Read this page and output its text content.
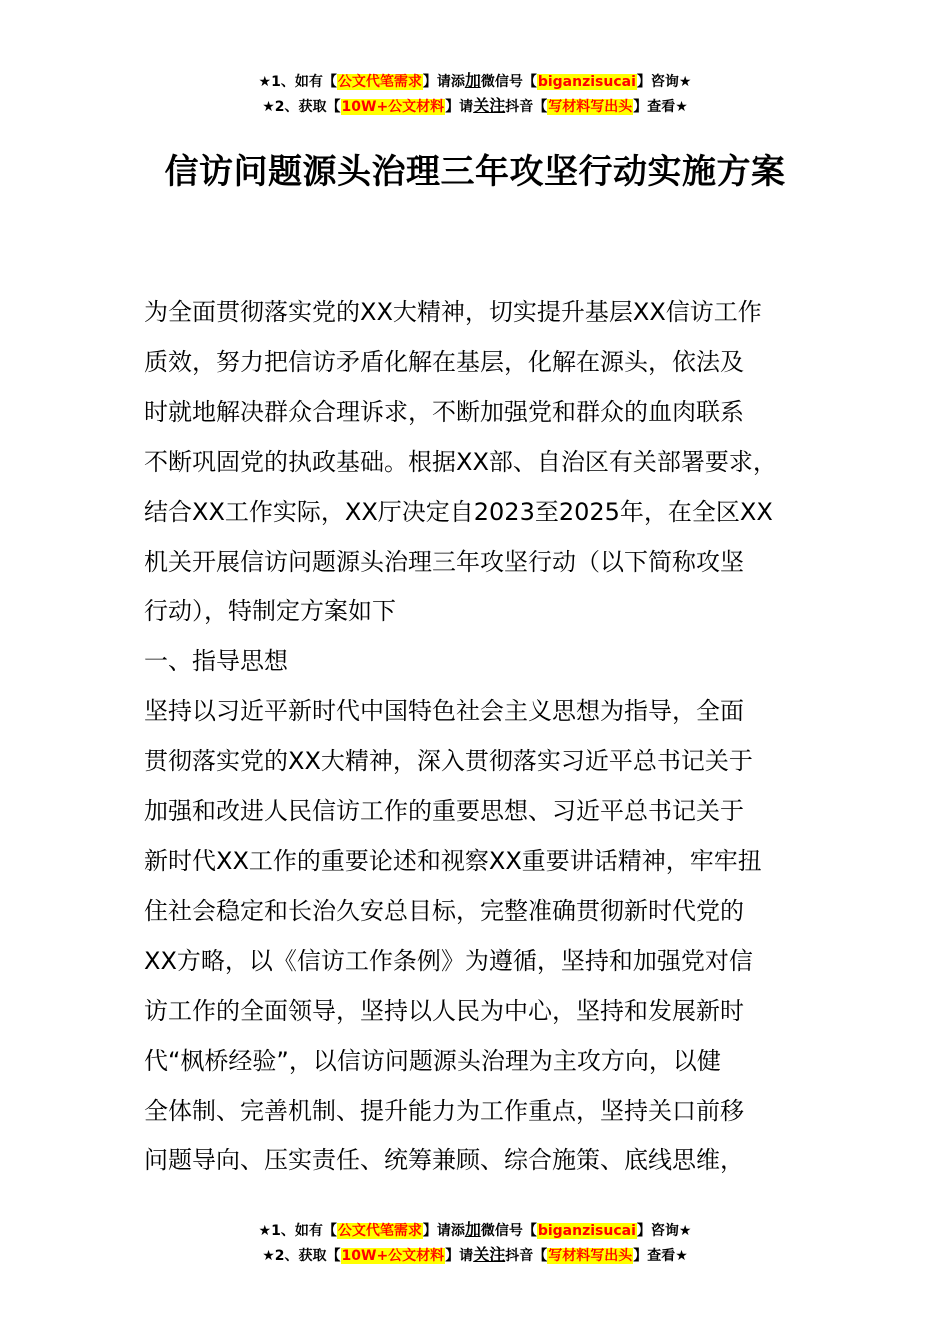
★1、如有【公文代笔需求】请添加微信号【biganzisucai】咨询★
★2、获取【10W+公文材料】请关注抖音【写材料写出头】查看★
信访问题源头治理三年攻坚行动实施方案

为全面贯彻落实党的XX大精神，切实提升基层XX信访工作

质效，努力把信访矛盾化解在基层，化解在源头，依法及

时就地解决群众合理诉求，不断加强党和群众的血肉联系

不断巩固党的执政基础。根据XX部、自治区有关部署要求，

结合XX工作实际，XX厅决定自2023至2025年，在全区XX

机关开展信访问题源头治理三年攻坚行动（以下简称攻坚

行动），特制定方案如下

一、指导思想

坚持以习近平新时代中国特色社会主义思想为指导，全面

贯彻落实党的XX大精神，深入贯彻落实习近平总书记关于

加强和改进人民信访工作的重要思想、习近平总书记关于

新时代XX工作的重要论述和视察XX重要讲话精神，牢牢扭

住社会稳定和长治久安总目标，完整准确贯彻新时代党的

XX方略，以《信访工作条例》为遵循，坚持和加强党对信

访工作的全面领导，坚持以人民为中心，坚持和发展新时

代“枫桥经验”，以信访问题源头治理为主攻方向，以健

全体制、完善机制、提升能力为工作重点，坚持关口前移

问题导向、压实责任、统筹兼顾、综合施策、底线思维，

★1、如有【公文代笔需求】请添加微信号【biganzisucai】咨询★
★2、获取【10W+公文材料】请关注抖音【写材料写出头】查看★
